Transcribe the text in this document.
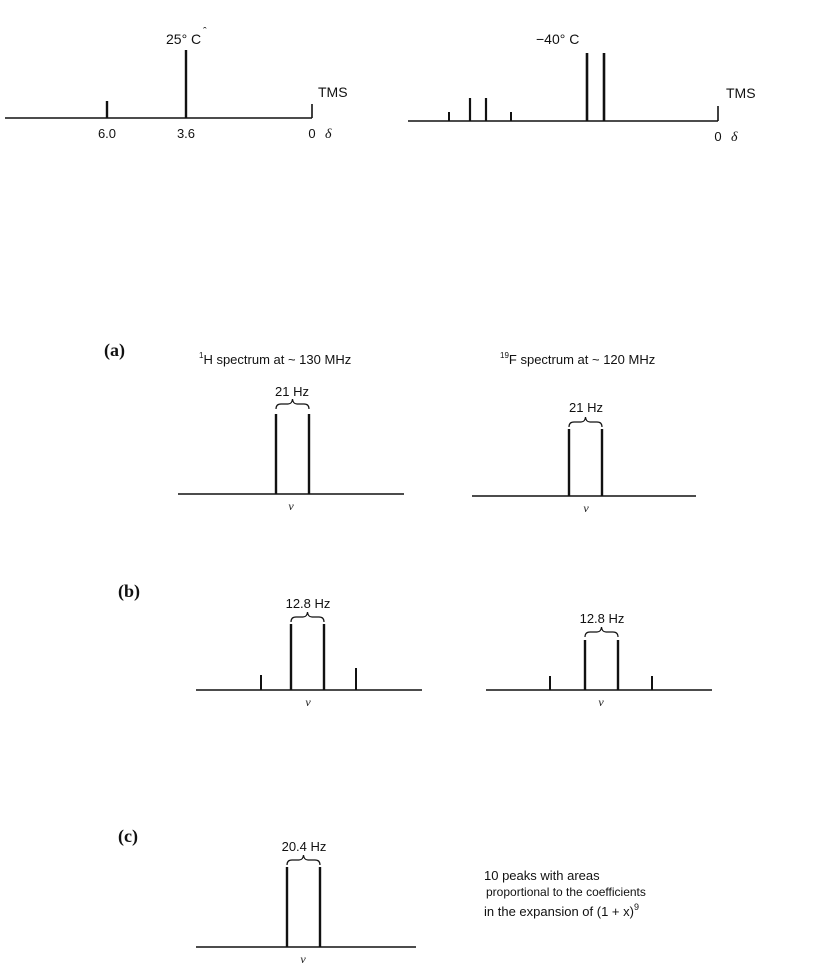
25° C ˆ
TMS
6.0	3.6	0 δ
−40° C
TMS
0 δ
(a)	$^1$H spectrum at ~ 130 MHz	$^{19}$F spectrum at ~ 120 MHz
21 Hz
21 Hz
ν	ν
(b)
12.8 Hz
12.8 Hz
ν	ν
(c)
20.4 Hz
ν
10 peaks with areas
proportional to the coefficients
in the expansion of $(1 + x)^9$
